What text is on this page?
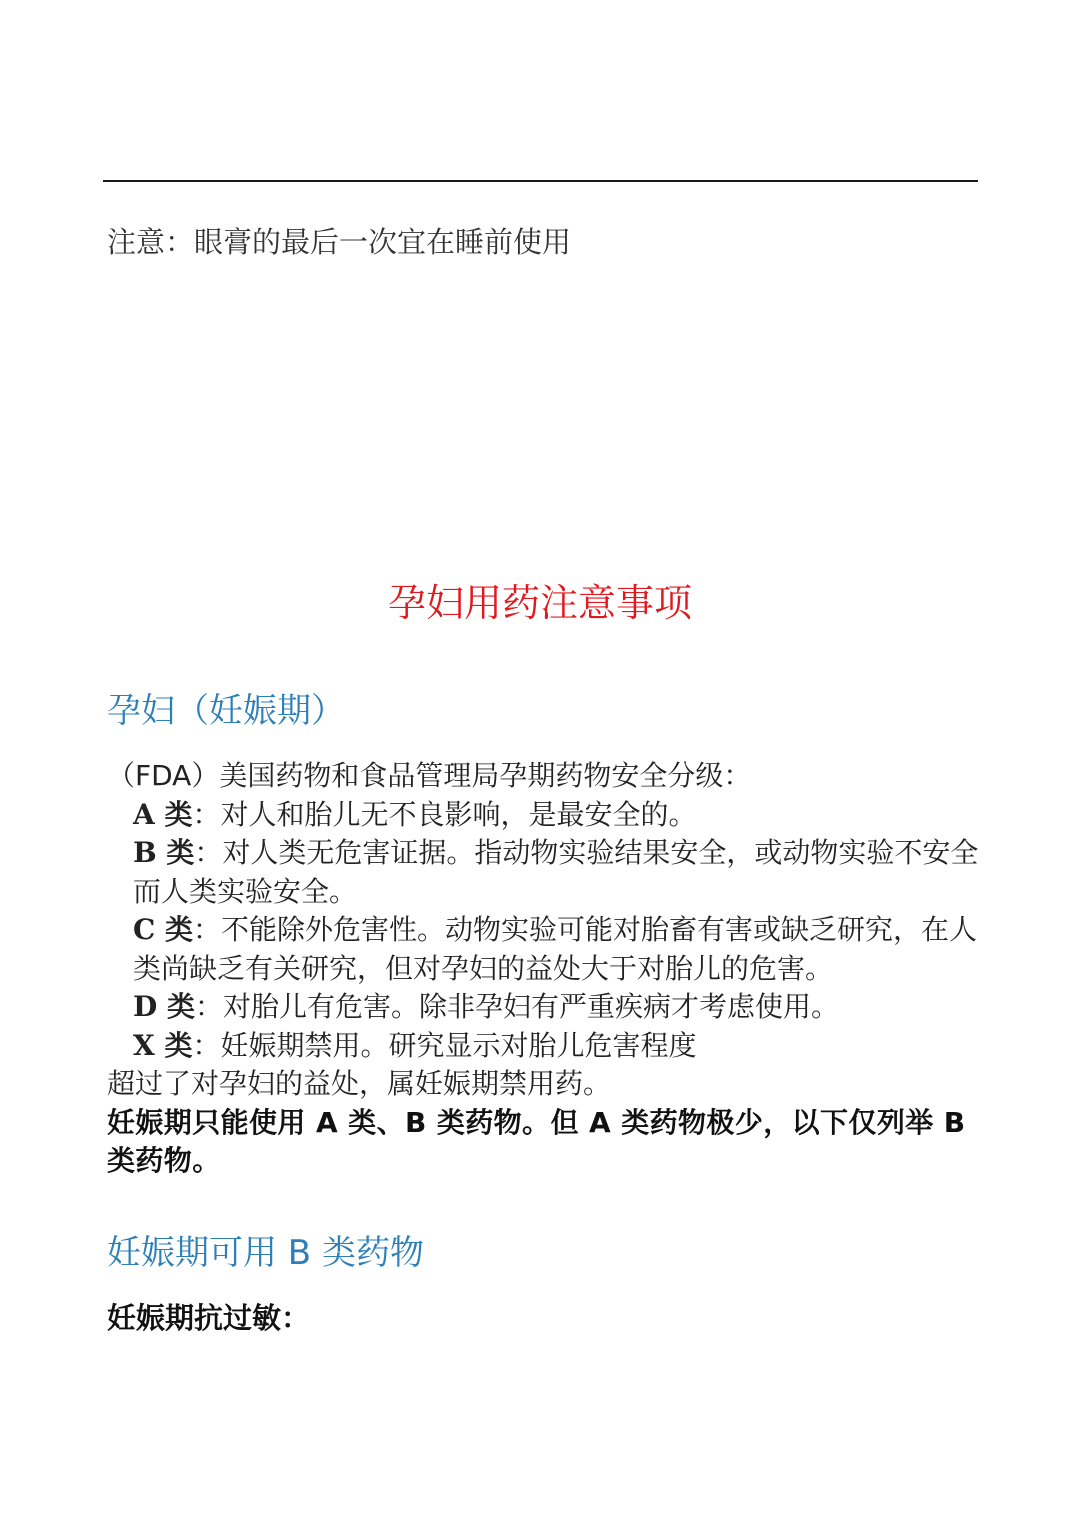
注意：眼膏的最后一次宜在睡前使用
孕妇用药注意事项
孕妇（妊娠期）

（FDA）美国药物和食品管理局孕期药物安全分级：

A 类：对人和胎儿无不良影响，是最安全的。

B 类：对人类无危害证据。指动物实验结果安全，或动物实验不安全而人类实验安全。

C 类：不能除外危害性。动物实验可能对胎畜有害或缺乏研究，在人类尚缺乏有关研究，但对孕妇的益处大于对胎儿的危害。

D 类：对胎儿有危害。除非孕妇有严重疾病才考虑使用。

X 类：妊娠期禁用。研究显示对胎儿危害程度

超过了对孕妇的益处，属妊娠期禁用药。

妊娠期只能使用 A 类、B 类药物。但 A 类药物极少，以下仅列举 B 类药物。

妊娠期可用 B 类药物
妊娠期抗过敏：
